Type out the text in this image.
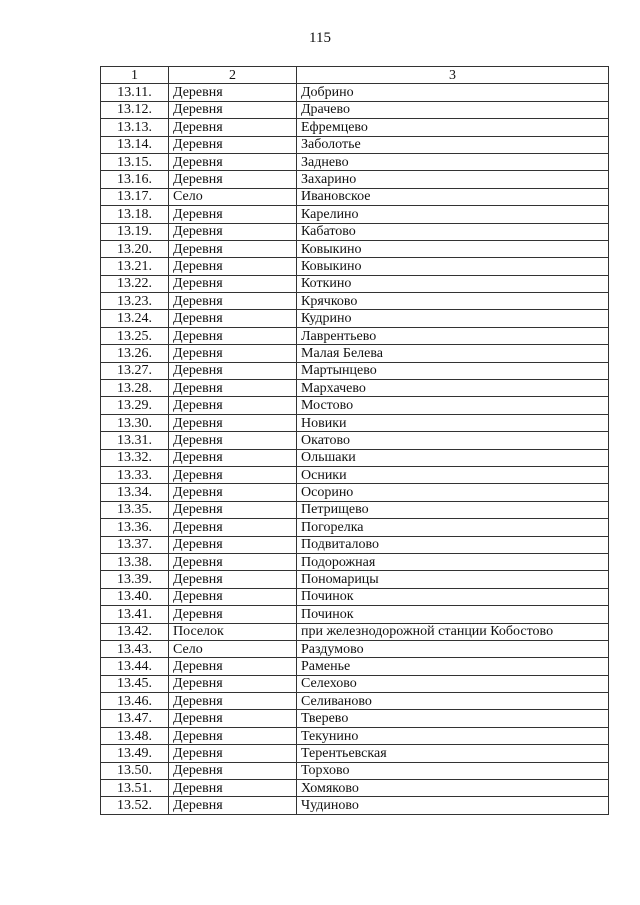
115
1	2	3
13.11.	Деревня	Добрино
13.12.	Деревня	Драчево
13.13.	Деревня	Ефремцево
13.14.	Деревня	Заболотье
13.15.	Деревня	Заднево
13.16.	Деревня	Захарино
13.17.	Село	Ивановское
13.18.	Деревня	Карелино
13.19.	Деревня	Кабатово
13.20.	Деревня	Ковыкино
13.21.	Деревня	Ковыкино
13.22.	Деревня	Коткино
13.23.	Деревня	Крячково
13.24.	Деревня	Кудрино
13.25.	Деревня	Лаврентьево
13.26.	Деревня	Малая Белева
13.27.	Деревня	Мартынцево
13.28.	Деревня	Мархачево
13.29.	Деревня	Мостово
13.30.	Деревня	Новики
13.31.	Деревня	Окатово
13.32.	Деревня	Ольшаки
13.33.	Деревня	Осники
13.34.	Деревня	Осорино
13.35.	Деревня	Петрищево
13.36.	Деревня	Погорелка
13.37.	Деревня	Подвиталово
13.38.	Деревня	Подорожная
13.39.	Деревня	Пономарицы
13.40.	Деревня	Починок
13.41.	Деревня	Починок
13.42.	Поселок	при железнодорожной станции Кобостово
13.43.	Село	Раздумово
13.44.	Деревня	Раменье
13.45.	Деревня	Селехово
13.46.	Деревня	Селиваново
13.47.	Деревня	Тверево
13.48.	Деревня	Текунино
13.49.	Деревня	Терентьевская
13.50.	Деревня	Торхово
13.51.	Деревня	Хомяково
13.52.	Деревня	Чудиново
